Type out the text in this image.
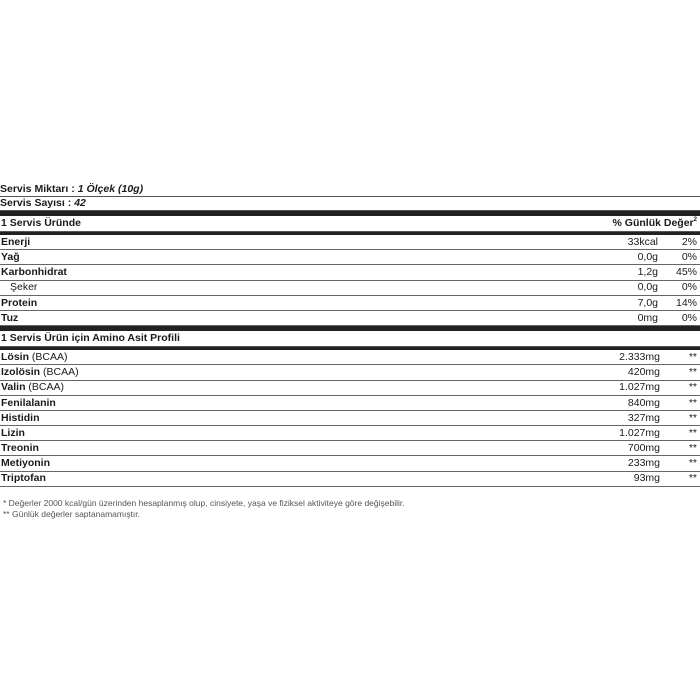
Servis Miktarı : 1 Ölçek (10g)
Servis Sayısı : 42
1 Servis Üründe	% Günlük Değer$^2$
Enerji	33kcal 2%
Yağ	0,0g 0%
Karbonhidrat	1,2g 45%
Şeker	0,0g 0%
Protein	7,0g 14%
Tuz	0mg 0%
1 Servis Ürün için Amino Asit Profili
Lösin (BCAA)	2.333mg	**
Izolösin (BCAA)	420mg	**
Valin (BCAA)	1.027mg	**
Fenilalanin	840mg	**
Histidin	327mg	**
Lizin	1.027mg	**
Treonin	700mg	**
Metiyonin	233mg	**
Triptofan	93mg	**
* Değerler 2000 kcal/gün üzerinden hesaplanmış olup, cinsiyete, yaşa ve fiziksel aktiviteye göre değişebilir.
** Günlük değerler saptanamamıştır.
